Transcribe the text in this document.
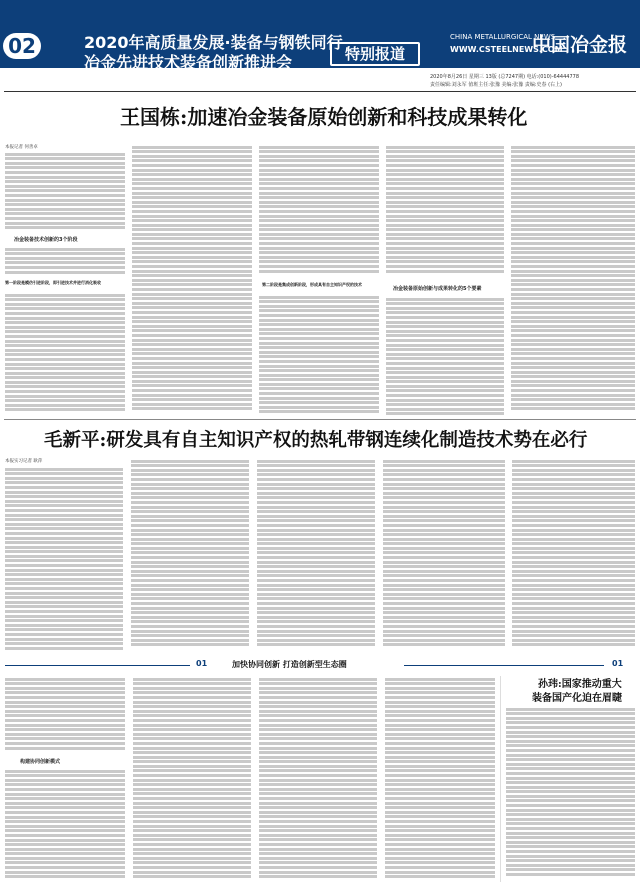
02	2020年高质量发展·装备与钢铁同行
冶金先进技术装备创新推进会	特别报道
CHINA METALLURGICAL NEWS
WWW.CSTEELNEWS.COM
中国冶金报
2020年8月26日 星期三 13版 (总7247期) 电话:(010)-64444778
责任编辑:刘永军 值班主任:张豫 美编:张豫 责编:史春 (右上)
王国栋:加速冶金装备原始创新和科技成果转化
本报记者 何善卓
冶金装备技术创新的3个阶段
第一阶段是模仿引进阶段，即引进技术并进行消化吸收	第二阶段是集成创新阶段，形成具有自主知识产权的技术
冶金装备原始创新与成果转化的5个要素
毛新平:研发具有自主知识产权的热轧带钢连续化制造技术势在必行
本报实习记者 耿萍
01	加快协同创新 打造创新型生态圈	01
构建协同创新模式
孙玮:国家推动重大
装备国产化迫在眉睫
